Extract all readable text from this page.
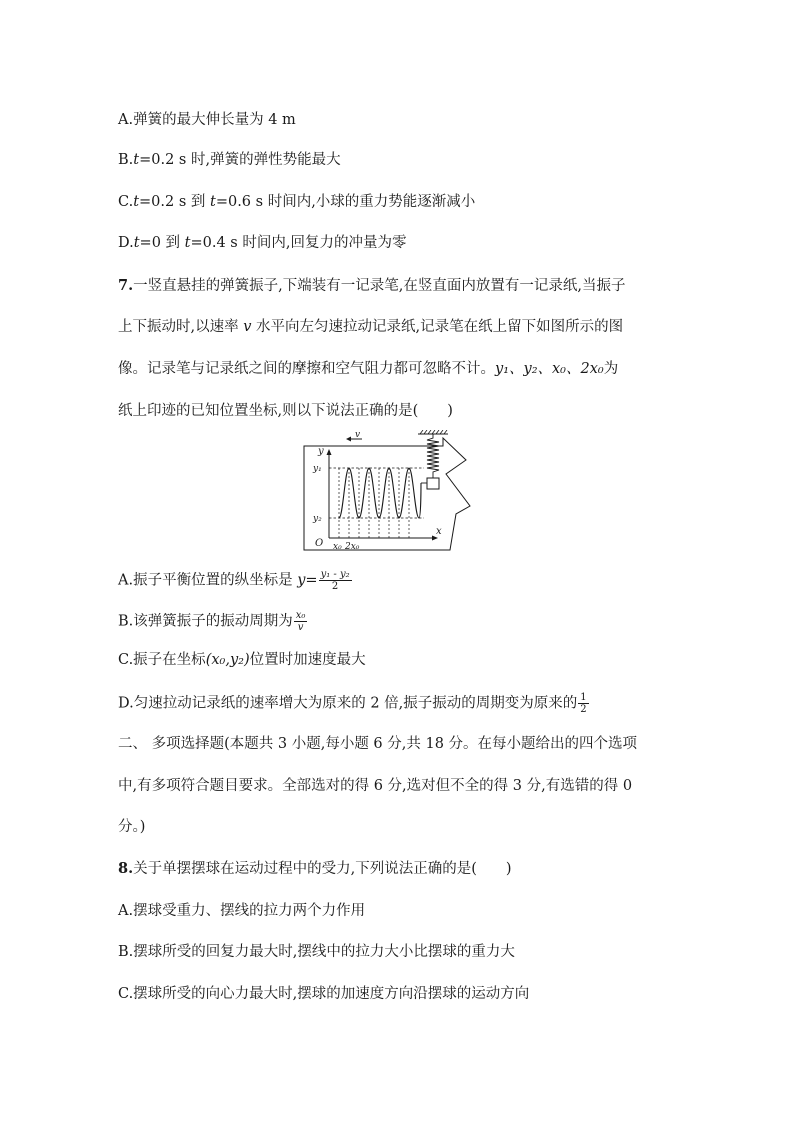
A.弹簧的最大伸长量为 4 m
B.t=0.2 s 时,弹簧的弹性势能最大
C.t=0.2 s 到 t=0.6 s 时间内,小球的重力势能逐渐减小
D.t=0 到 t=0.4 s 时间内,回复力的冲量为零
7.一竖直悬挂的弹簧振子,下端装有一记录笔,在竖直面内放置有一记录纸,当振子
上下振动时,以速率 v 水平向左匀速拉动记录纸,记录笔在纸上留下如图所示的图
像。记录笔与记录纸之间的摩擦和空气阻力都可忽略不计。y₁、y₂、x₀、2x₀为
纸上印迹的已知位置坐标,则以下说法正确的是(　　)
v
y
y₁
y₂
O
x
x₀ 2x₀
A.振子平衡位置的纵坐标是 $y= \frac{\text{y₁ - y₂}}{2}$
B.该弹簧振子的振动周期为 $\frac{\text{x₀}}{v}$
C.振子在坐标(x₀,y₂)位置时加速度最大
D.匀速拉动记录纸的速率增大为原来的 2 倍,振子振动的周期变为原来的 $\frac{1}{2}$
二、 多项选择题(本题共 3 小题,每小题 6 分,共 18 分。在每小题给出的四个选项
中,有多项符合题目要求。全部选对的得 6 分,选对但不全的得 3 分,有选错的得 0
分。)
8.关于单摆摆球在运动过程中的受力,下列说法正确的是(　　)
A.摆球受重力、摆线的拉力两个力作用
B.摆球所受的回复力最大时,摆线中的拉力大小比摆球的重力大
C.摆球所受的向心力最大时,摆球的加速度方向沿摆球的运动方向
